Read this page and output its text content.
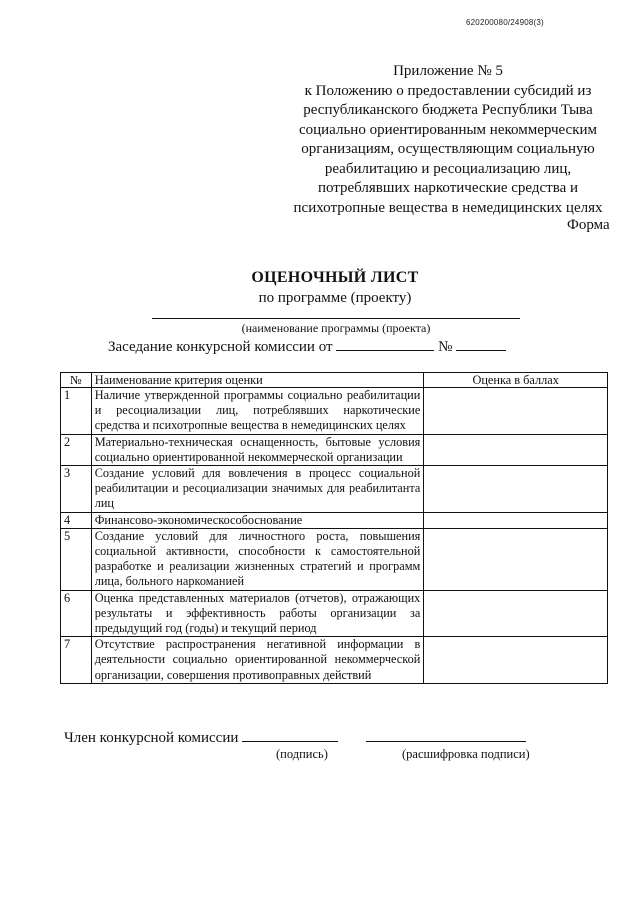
620200080/24908(3)
Приложение № 5
к Положению о предоставлении субсидий из
республиканского бюджета Республики Тыва
социально ориентированным некоммерческим
организациям, осуществляющим социальную
реабилитацию и ресоциализацию лиц,
потреблявших наркотические средства и
психотропные вещества в немедицинских целях
Форма
ОЦЕНОЧНЫЙ ЛИСТ
по программе (проекту)
(наименование программы (проекта)
Заседание конкурсной комиссии от	№
№	Наименование критерия оценки	Оценка в баллах
1	Наличие утвержденной программы социально реабилитации и ресоциализации лиц, потреблявших наркотические средства и психотропные вещества в немедицинских целях	
2	Материально-техническая оснащенность, бытовые условия социально ориентированной некоммерческой организации	
3	Создание условий для вовлечения в процесс социальной реабилитации и ресоциализации значимых для реабилитанта лиц	
4	Финансово-экономическособоснование	
5	Создание условий для личностного роста, повышения социальной активности, способности к самостоятельной разработке и реализации жизненных стратегий и программ лица, больного наркоманией	
6	Оценка представленных материалов (отчетов), отражающих результаты и эффективность работы организации за предыдущий год (годы) и текущий период	
7	Отсутствие распространения негативной информации в деятельности социально ориентированной некоммерческой организации, совершения противоправных действий	
Член конкурсной комиссии
(подпись)	(расшифровка подписи)
